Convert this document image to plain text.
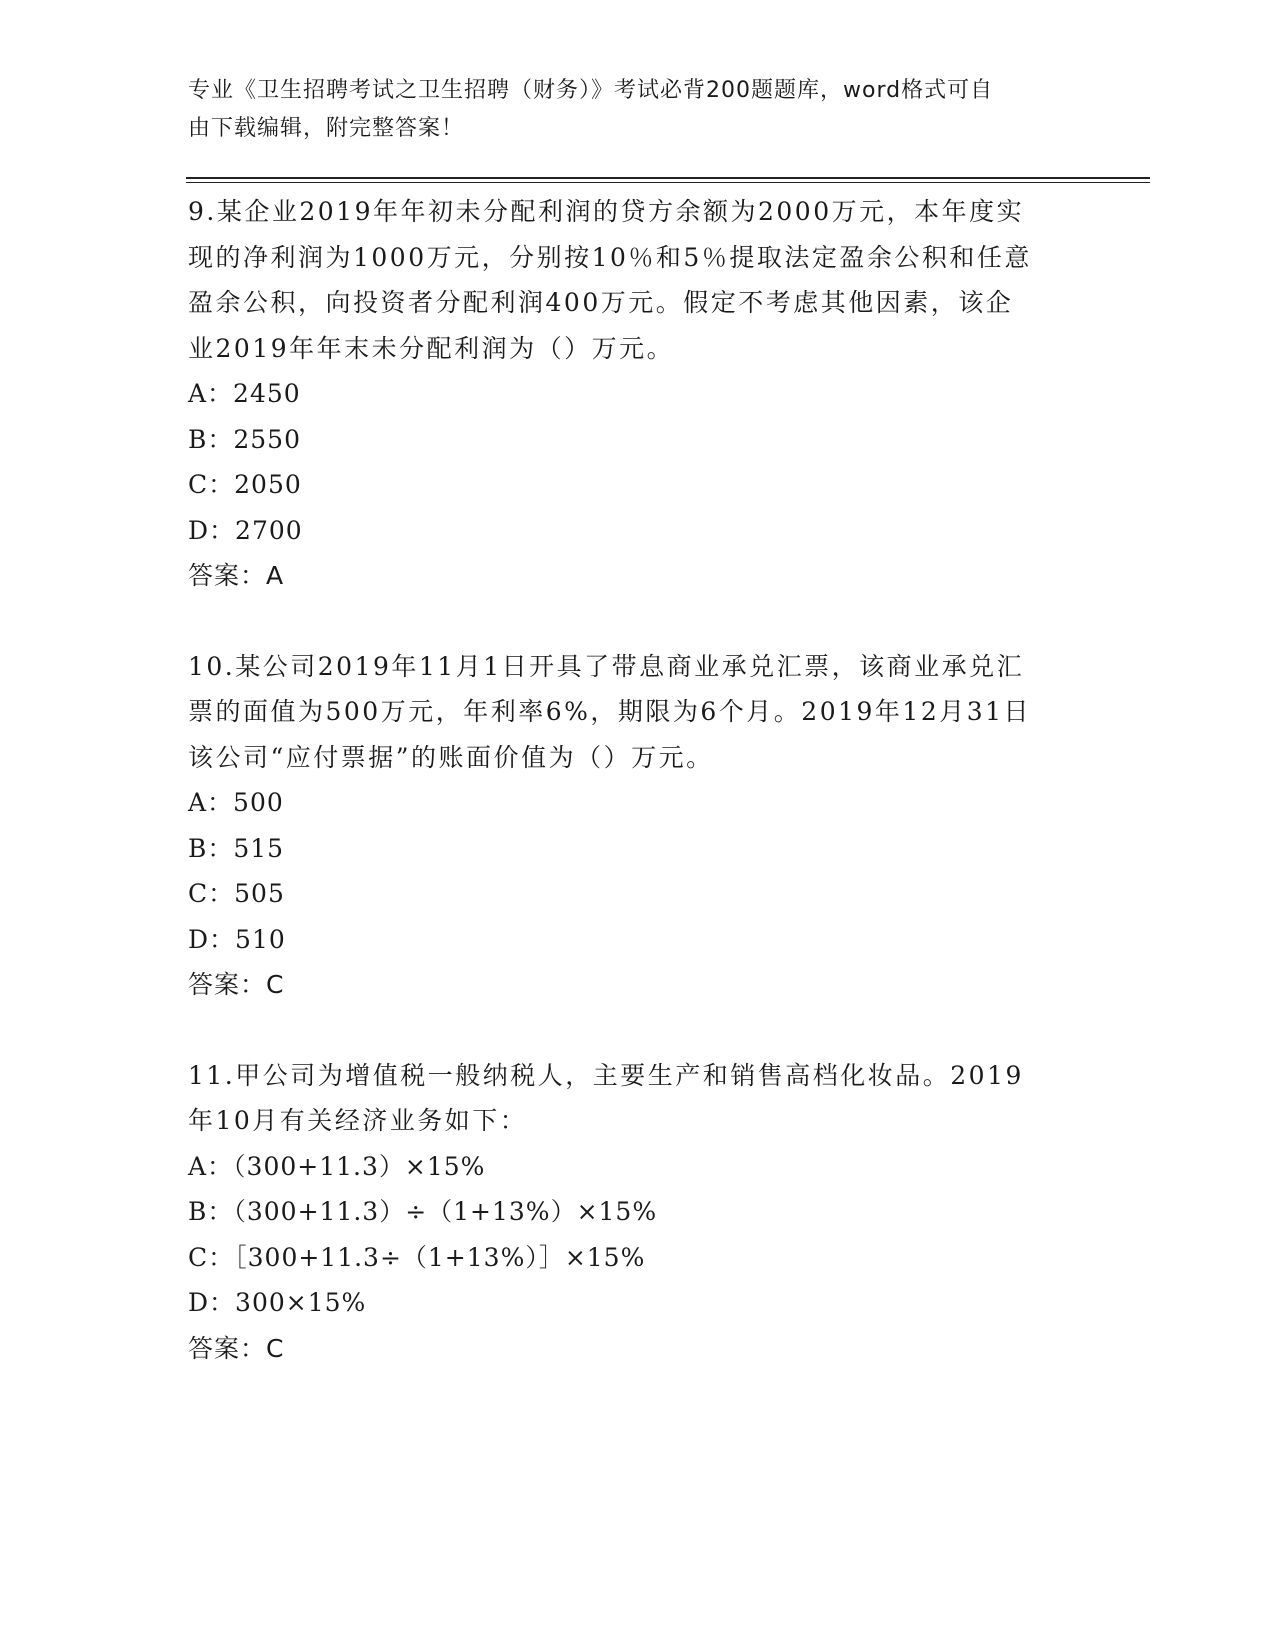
专业《卫生招聘考试之卫生招聘（财务）》考试必背200题题库，word格式可自
由下载编辑，附完整答案！

9.某企业2019年年初未分配利润的贷方余额为2000万元，本年度实

现的净利润为1000万元，分别按10％和5％提取法定盈余公积和任意

盈余公积，向投资者分配利润400万元。假定不考虑其他因素，该企

业2019年年末未分配利润为（）万元。

A：2450

B：2550

C：2050

D：2700

答案：A

10.某公司2019年11月1日开具了带息商业承兑汇票，该商业承兑汇

票的面值为500万元，年利率6%，期限为6个月。2019年12月31日

该公司“应付票据”的账面价值为（）万元。

A：500

B：515

C：505

D：510

答案：C

11.甲公司为增值税一般纳税人，主要生产和销售高档化妆品。2019

年10月有关经济业务如下：

A：（300+11.3）×15%

B：（300+11.3）÷（1+13%）×15%

C：［300+11.3÷（1+13%）］×15%

D：300×15%

答案：C
